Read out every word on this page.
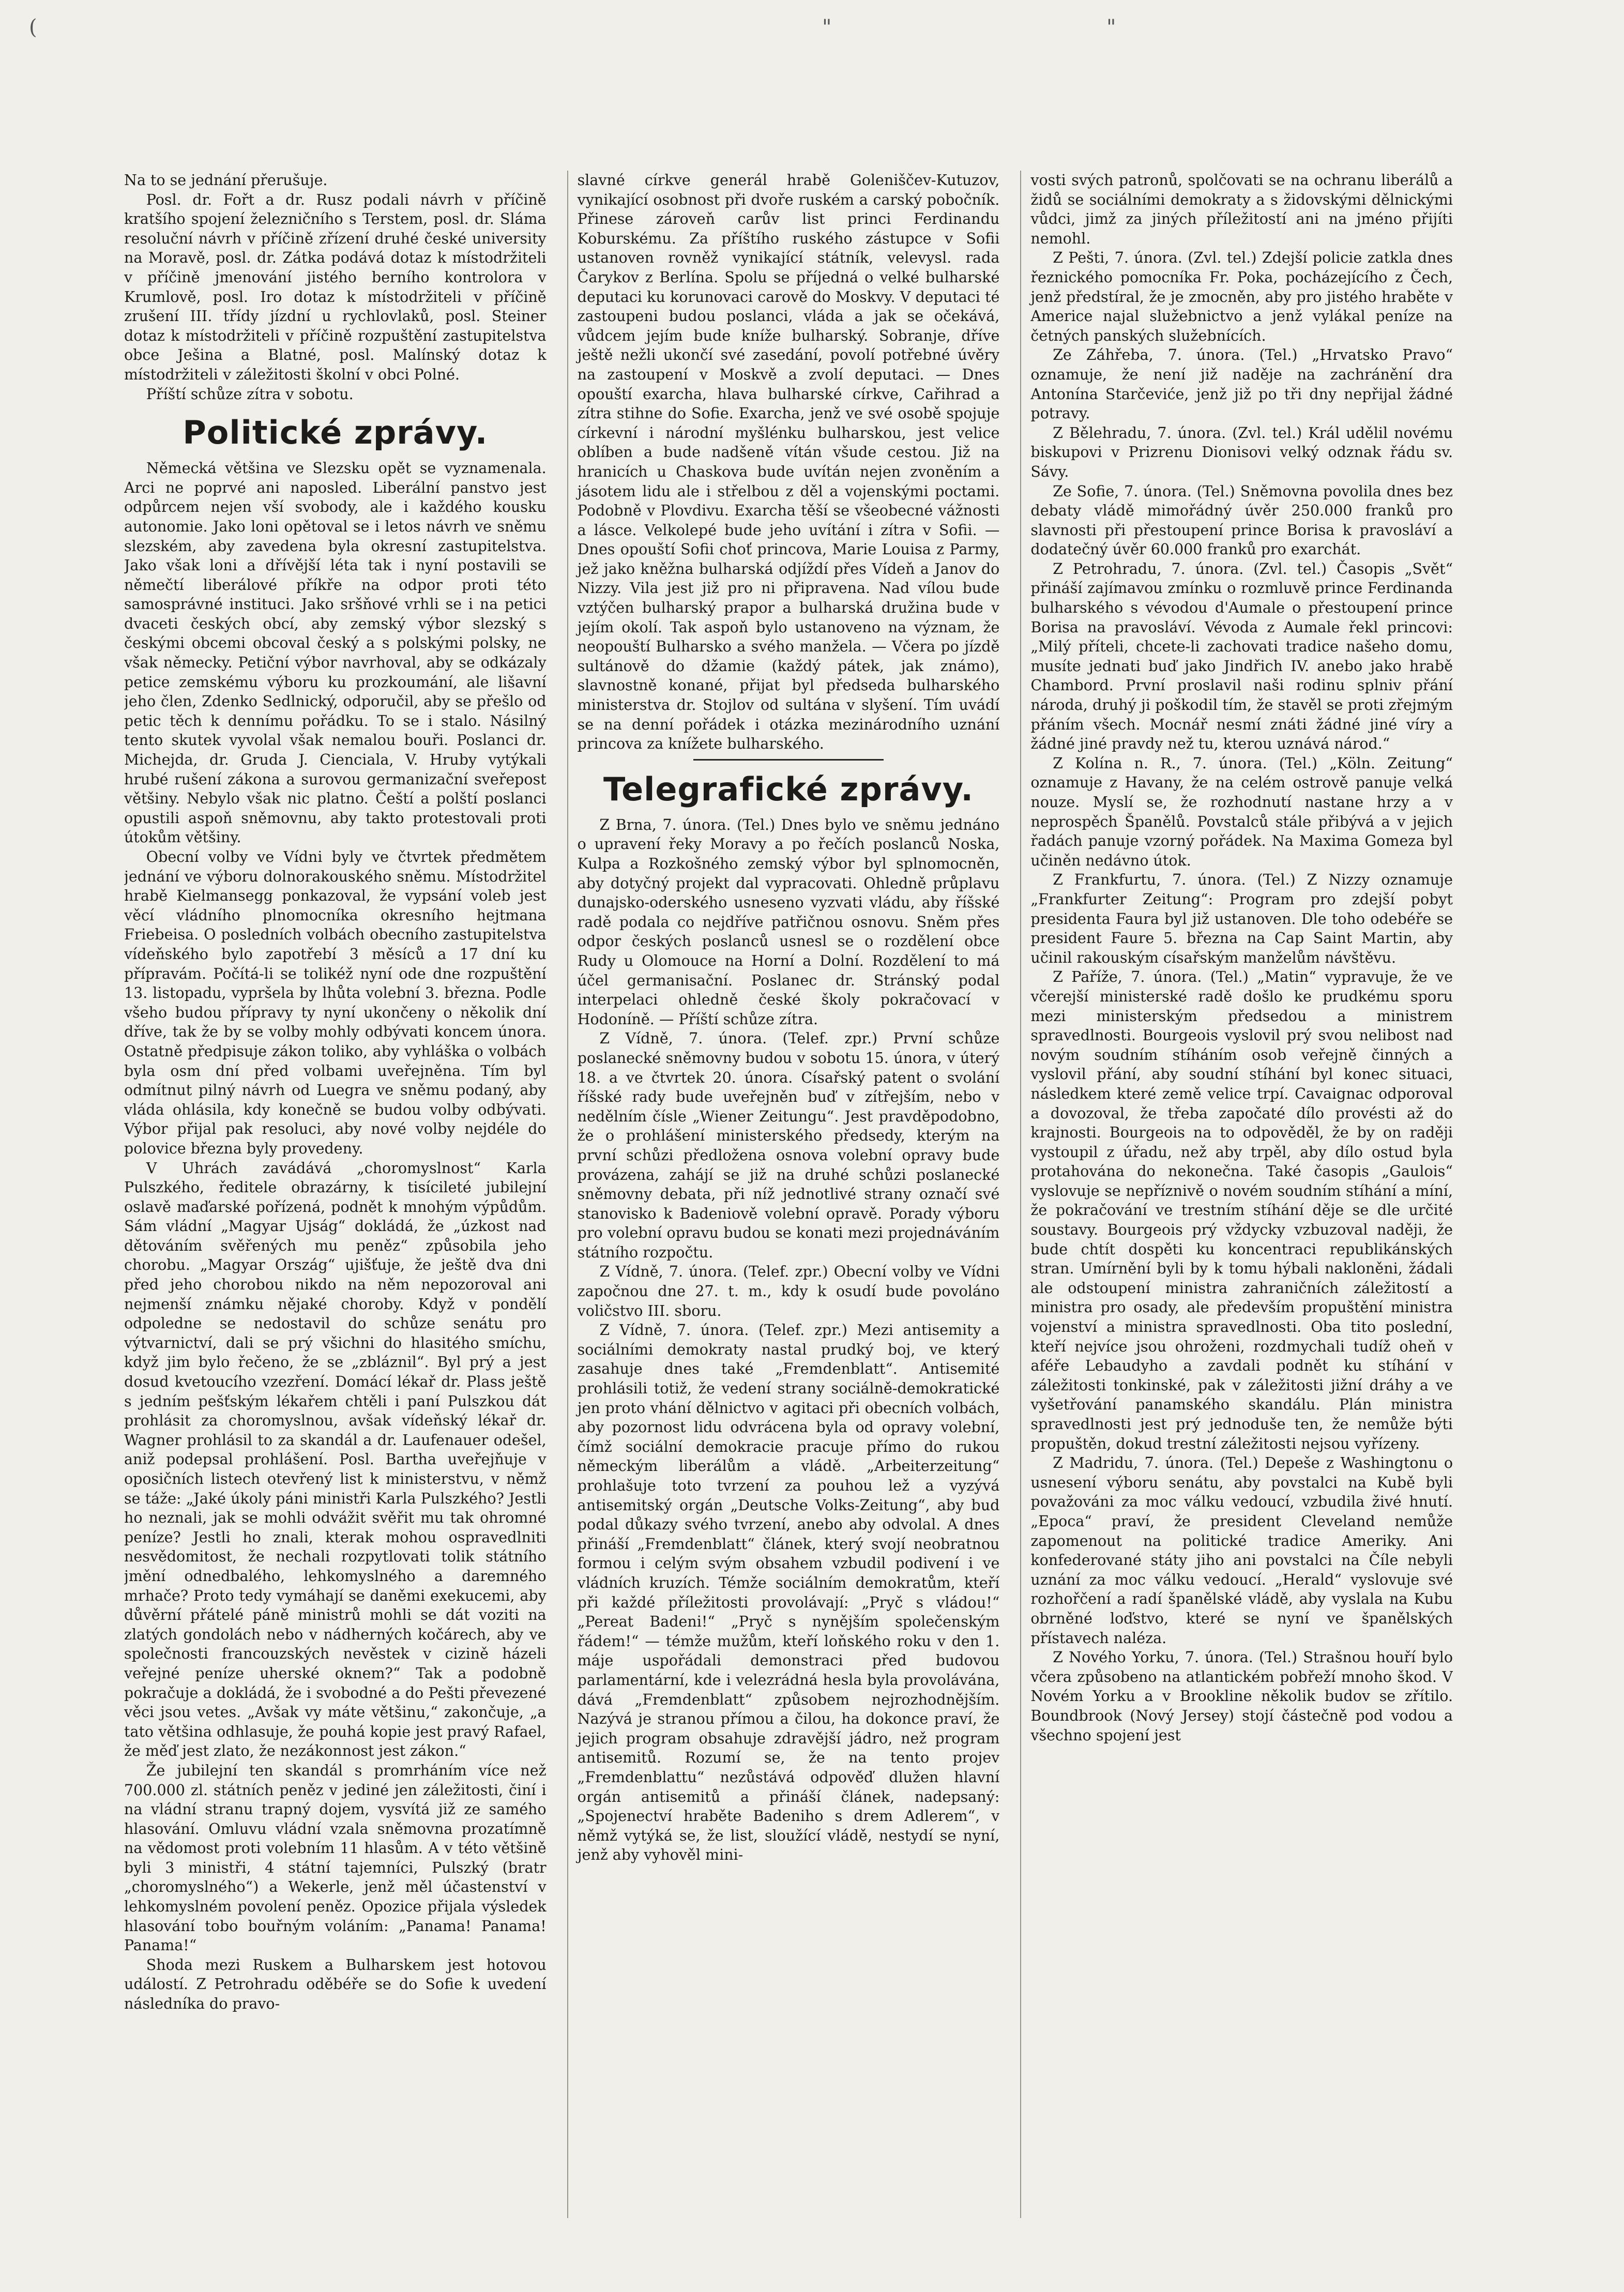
(	"	"

Na to se jednání přerušuje.

Posl. dr. Fořt a dr. Rusz podali návrh v příčině kratšího spojení železničního s Terstem, posl. dr. Sláma resoluční návrh v příčině zřízení druhé české university na Moravě, posl. dr. Zátka podává dotaz k místodržiteli v příčině jmenování jistého berního kontrolora v Krumlově, posl. Iro dotaz k místodržiteli v příčině zrušení III. třídy jízdní u rychlovlaků, posl. Steiner dotaz k místodržiteli v příčině rozpuštění zastupitelstva obce Ješina a Blatné, posl. Malínský dotaz k místodržiteli v záležitosti školní v obci Polné.

Příští schůze zítra v sobotu.

Politické zprávy.

Německá většina ve Slezsku opět se vyznamenala. Arci ne poprvé ani naposled. Liberální panstvo jest odpůrcem nejen vší svobody, ale i každého kousku autonomie. Jako loni opětoval se i letos návrh ve sněmu slezském, aby zavedena byla okresní zastupitelstva. Jako však loni a dřívější léta tak i nyní postavili se němečtí liberálové příkře na odpor proti této samosprávné instituci. Jako sršňové vrhli se i na petici dvaceti českých obcí, aby zemský výbor slezský s českými obcemi obcoval český a s polskými polsky, ne však německy. Petiční výbor navrhoval, aby se odkázaly petice zemskému výboru ku prozkoumání, ale lišavní jeho člen, Zdenko Sedlnický, odporučil, aby se přešlo od petic těch k dennímu pořádku. To se i stalo. Násilný tento skutek vyvolal však nemalou bouři. Poslanci dr. Michejda, dr. Gruda J. Cienciala, V. Hruby vytýkali hrubé rušení zákona a surovou germanizační sveřepost většiny. Nebylo však nic platno. Čeští a polští poslanci opustili aspoň sněmovnu, aby takto protestovali proti útokům většiny.

Obecní volby ve Vídni byly ve čtvrtek předmětem jednání ve výboru dolnorakouského sněmu. Místodržitel hrabě Kielmansegg ponkazoval, že vypsání voleb jest věcí vládního plnomocníka okresního hejtmana Friebeisa. O posledních volbách obecního zastupitelstva vídeňského bylo zapotřebí 3 měsíců a 17 dní ku přípravám. Počítá-li se tolikéž nyní ode dne rozpuštění 13. listopadu, vypršela by lhůta volební 3. března. Podle všeho budou přípravy ty nyní ukončeny o několik dní dříve, tak že by se volby mohly odbývati koncem února. Ostatně předpisuje zákon toliko, aby vyhláška o volbách byla osm dní před volbami uveřejněna. Tím byl odmítnut pilný návrh od Luegra ve sněmu podaný, aby vláda ohlásila, kdy konečně se budou volby odbývati. Výbor přijal pak resoluci, aby nové volby nejdéle do polovice března byly provedeny.

V Uhrách zavádává „choromyslnost“ Karla Pulszkého, ředitele obrazárny, k tisícileté jubilejní oslavě maďarské pořízená, podnět k mnohým výpůdům. Sám vládní „Magyar Ujság“ dokládá, že „úzkost nad dětováním svěřených mu peněz“ způsobila jeho chorobu. „Magyar Ország“ ujišťuje, že ještě dva dni před jeho chorobou nikdo na něm nepozoroval ani nejmenší známku nějaké choroby. Když v pondělí odpoledne se nedostavil do schůze senátu pro výtvarnictví, dali se prý všichni do hlasitého smíchu, když jim bylo řečeno, že se „zbláznil“. Byl prý a jest dosud kvetoucího vzezření. Domácí lékař dr. Plass ještě s jedním pešťským lékařem chtěli i paní Pulszkou dát prohlásit za choromyslnou, avšak vídeňský lékař dr. Wagner prohlásil to za skandál a dr. Laufenauer odešel, aniž podepsal prohlášení. Posl. Bartha uveřejňuje v oposičních listech otevřený list k ministerstvu, v němž se táže: „Jaké úkoly páni ministři Karla Pulszkého? Jestli ho neznali, jak se mohli odvážit svěřit mu tak ohromné peníze? Jestli ho znali, kterak mohou ospravedlniti nesvědomitost, že nechali rozpytlovati tolik státního jmění odnedbalého, lehkomyslného a daremného mrhače? Proto tedy vymáhají se daněmi exekucemi, aby důvěrní přátelé páně ministrů mohli se dát voziti na zlatých gondolách nebo v nádherných kočárech, aby ve společnosti francouzských nevěstek v cizině házeli veřejné peníze uherské oknem?“ Tak a podobně pokračuje a dokládá, že i svobodné a do Pešti převezené věci jsou vetes. „Avšak vy máte většinu,“ zakončuje, „a tato většina odhlasuje, že pouhá kopie jest pravý Rafael, že měď jest zlato, že nezákonnost jest zákon.“

Že jubilejní ten skandál s promrháním více než 700.000 zl. státních peněz v jediné jen záležitosti, činí i na vládní stranu trapný dojem, vysvítá již ze samého hlasování. Omluvu vládní vzala sněmovna prozatímně na vědomost proti volebním 11 hlasům. A v této většině byli 3 ministři, 4 státní tajemníci, Pulszký (bratr „choromyslného“) a Wekerle, jenž měl účastenství v lehkomyslném povolení peněz. Opozice přijala výsledek hlasování tobo bouřným voláním: „Panama! Panama! Panama!“

Shoda mezi Ruskem a Bulharskem jest hotovou událostí. Z Petrohradu oděbéře se do Sofie k uvedení následníka do pravo-

slavné církve generál hrabě Goleniščev-Kutuzov, vynikající osobnost při dvoře ruském a carský pobočník. Přinese zároveň carův list princi Ferdinandu Koburskému. Za příštího ruského zástupce v Sofii ustanoven rovněž vynikající státník, velevysl. rada Čarykov z Berlína. Spolu se příjedná o velké bulharské deputaci ku korunovaci carově do Moskvy. V deputaci té zastoupeni budou poslanci, vláda a jak se očekává, vůdcem jejím bude kníže bulharský. Sobranje, dříve ještě nežli ukončí své zasedání, povolí potřebné úvěry na zastoupení v Moskvě a zvolí deputaci. — Dnes opouští exarcha, hlava bulharské církve, Cařihrad a zítra stihne do Sofie. Exarcha, jenž ve své osobě spojuje církevní i národní myšlénku bulharskou, jest velice oblíben a bude nadšeně vítán všude cestou. Již na hranicích u Chaskova bude uvítán nejen zvoněním a jásotem lidu ale i střelbou z děl a vojenskými poctami. Podobně v Plovdivu. Exarcha těší se všeobecné vážnosti a lásce. Velkolepé bude jeho uvítání i zítra v Sofii. — Dnes opouští Sofii choť princova, Marie Louisa z Parmy, jež jako kněžna bulharská odjíždí přes Vídeň a Janov do Nizzy. Vila jest již pro ni připravena. Nad vílou bude vztýčen bulharský prapor a bulharská družina bude v jejím okolí. Tak aspoň bylo ustanoveno na význam, že neopouští Bulharsko a svého manžela. — Včera po jízdě sultánově do džamie (každý pátek, jak známo), slavnostně konané, přijat byl předseda bulharského ministerstva dr. Stojlov od sultána v slyšení. Tím uvádí se na denní pořádek i otázka mezinárodního uznání princova za knížete bulharského.

Telegrafické zprávy.

Z Brna, 7. února. (Tel.) Dnes bylo ve sněmu jednáno o upravení řeky Moravy a po řečích poslanců Noska, Kulpa a Rozkošného zemský výbor byl splnomocněn, aby dotyčný projekt dal vypracovati. Ohledně průplavu dunajsko-oderského usneseno vyzvati vládu, aby říšské radě podala co nejdříve patřičnou osnovu. Sněm přes odpor českých poslanců usnesl se o rozdělení obce Rudy u Olomouce na Horní a Dolní. Rozdělení to má účel germanisační. Poslanec dr. Stránský podal interpelaci ohledně české školy pokračovací v Hodoníně. — Příští schůze zítra.

Z Vídně, 7. února. (Telef. zpr.) První schůze poslanecké sněmovny budou v sobotu 15. února, v úterý 18. a ve čtvrtek 20. února. Císařský patent o svolání říšské rady bude uveřejněn buď v zítřejším, nebo v nedělním čísle „Wiener Zeitungu“. Jest pravděpodobno, že o prohlášení ministerského předsedy, kterým na první schůzi předložena osnova volební opravy bude provázena, zahájí se již na druhé schůzi poslanecké sněmovny debata, při níž jednotlivé strany označí své stanovisko k Badeniově volební opravě. Porady výboru pro volební opravu budou se konati mezi projednáváním státního rozpočtu.

Z Vídně, 7. února. (Telef. zpr.) Obecní volby ve Vídni započnou dne 27. t. m., kdy k osudí bude povoláno voličstvo III. sboru.

Z Vídně, 7. února. (Telef. zpr.) Mezi antisemity a sociálními demokraty nastal prudký boj, ve který zasahuje dnes také „Fremdenblatt“. Antisemité prohlásili totiž, že vedení strany sociálně-demokratické jen proto vhání dělnictvo v agitaci při obecních volbách, aby pozornost lidu odvrácena byla od opravy volební, čímž sociální demokracie pracuje přímo do rukou německým liberálům a vládě. „Arbeiterzeitung“ prohlašuje toto tvrzení za pouhou lež a vyzývá antisemitský orgán „Deutsche Volks-Zeitung“, aby bud podal důkazy svého tvrzení, anebo aby odvolal. A dnes přináší „Fremdenblatt“ článek, který svojí neobratnou formou i celým svým obsahem vzbudil podivení i ve vládních kruzích. Témže sociálním demokratům, kteří při každé příležitosti provolávají: „Pryč s vládou!“ „Pereat Badeni!“ „Pryč s nynějším společenským řádem!“ — témže mužům, kteří loňského roku v den 1. máje uspořádali demonstraci před budovou parlamentární, kde i velezrádná hesla byla provolávána, dává „Fremdenblatt“ způsobem nejrozhodnějším. Nazývá je stranou přímou a čilou, ha dokonce praví, že jejich program obsahuje zdravější jádro, než program antisemitů. Rozumí se, že na tento projev „Fremdenblattu“ nezůstává odpověď dlužen hlavní orgán antisemitů a přináší článek, nadepsaný: „Spojenectví hraběte Badeniho s drem Adlerem“, v němž vytýká se, že list, sloužící vládě, nestydí se nyní, jenž aby vyhověl mini-

vosti svých patronů, spolčovati se na ochranu liberálů a židů se sociálními demokraty a s židovskými dělnickými vůdci, jimž za jiných příležitostí ani na jméno přijíti nemohl.

Z Pešti, 7. února. (Zvl. tel.) Zdejší policie zatkla dnes řeznického pomocníka Fr. Poka, pocházejícího z Čech, jenž předstíral, že je zmocněn, aby pro jistého hraběte v Americe najal služebnictvo a jenž vylákal peníze na četných panských služebnících.

Ze Záhřeba, 7. února. (Tel.) „Hrvatsko Pravo“ oznamuje, že není již naděje na zachránění dra Antonína Starčeviće, jenž již po tři dny nepřijal žádné potravy.

Z Bělehradu, 7. února. (Zvl. tel.) Král udělil novému biskupovi v Prizrenu Dionisovi velký odznak řádu sv. Sávy.

Ze Sofie, 7. února. (Tel.) Sněmovna povolila dnes bez debaty vládě mimořádný úvěr 250.000 franků pro slavnosti při přestoupení prince Borisa k pravosláví a dodatečný úvěr 60.000 franků pro exarchát.

Z Petrohradu, 7. února. (Zvl. tel.) Časopis „Svět“ přináší zajímavou zmínku o rozmluvě prince Ferdinanda bulharského s vévodou d'Aumale o přestoupení prince Borisa na pravosláví. Vévoda z Aumale řekl princovi: „Milý příteli, chcete-li zachovati tradice našeho domu, musíte jednati buď jako Jindřich IV. anebo jako hrabě Chambord. První proslavil naši rodinu splniv přání národa, druhý ji poškodil tím, že stavěl se proti zřejmým přáním všech. Mocnář nesmí znáti žádné jiné víry a žádné jiné pravdy než tu, kterou uznává národ.“

Z Kolína n. R., 7. února. (Tel.) „Köln. Zeitung“ oznamuje z Havany, že na celém ostrově panuje velká nouze. Myslí se, že rozhodnutí nastane hrzy a v neprospěch Španělů. Povstalců stále přibývá a v jejich řadách panuje vzorný pořádek. Na Maxima Gomeza byl učiněn nedávno útok.

Z Frankfurtu, 7. února. (Tel.) Z Nizzy oznamuje „Frankfurter Zeitung“: Program pro zdejší pobyt presidenta Faura byl již ustanoven. Dle toho odebéře se president Faure 5. března na Cap Saint Martin, aby učinil rakouským císařským manželům návštěvu.

Z Paříže, 7. února. (Tel.) „Matin“ vypravuje, že ve včerejší ministerské radě došlo ke prudkému sporu mezi ministerským předsedou a ministrem spravedlnosti. Bourgeois vyslovil prý svou nelibost nad novým soudním stíháním osob veřejně činných a vyslovil přání, aby soudní stíhání byl konec situaci, následkem které země velice trpí. Cavaignac odporoval a dovozoval, že třeba započaté dílo provésti až do krajnosti. Bourgeois na to odpověděl, že by on raději vystoupil z úřadu, než aby trpěl, aby dílo ostud byla protahována do nekonečna. Také časopis „Gaulois“ vyslovuje se nepříznivě o novém soudním stíhání a míní, že pokračování ve trestním stíhání děje se dle určité soustavy. Bourgeois prý vždycky vzbuzoval naději, že bude chtít dospěti ku koncentraci republikánských stran. Umírnění byli by k tomu hýbali nakloněni, žádali ale odstoupení ministra zahraničních záležitostí a ministra pro osady, ale především propuštění ministra vojenství a ministra spravedlnosti. Oba tito poslední, kteří nejvíce jsou ohroženi, rozdmychali tudíž oheň v aféře Lebaudyho a zavdali podnět ku stíhání v záležitosti tonkinské, pak v záležitosti jižní dráhy a ve vyšetřování panamského skandálu. Plán ministra spravedlnosti jest prý jednoduše ten, že nemůže býti propuštěn, dokud trestní záležitosti nejsou vyřízeny.

Z Madridu, 7. února. (Tel.) Depeše z Washingtonu o usnesení výboru senátu, aby povstalci na Kubě byli považováni za moc válku vedoucí, vzbudila živé hnutí. „Epoca“ praví, že president Cleveland nemůže zapomenout na politické tradice Ameriky. Ani konfederované státy jiho ani povstalci na Číle nebyli uznání za moc válku vedoucí. „Herald“ vyslovuje své rozhořčení a radí španělské vládě, aby vyslala na Kubu obrněné loďstvo, které se nyní ve španělských přístavech naléza.

Z Nového Yorku, 7. února. (Tel.) Strašnou houří bylo včera způsobeno na atlantickém pobřeží mnoho škod. V Novém Yorku a v Brookline několik budov se zřítilo. Boundbrook (Nový Jersey) stojí částečně pod vodou a všechno spojení jest
